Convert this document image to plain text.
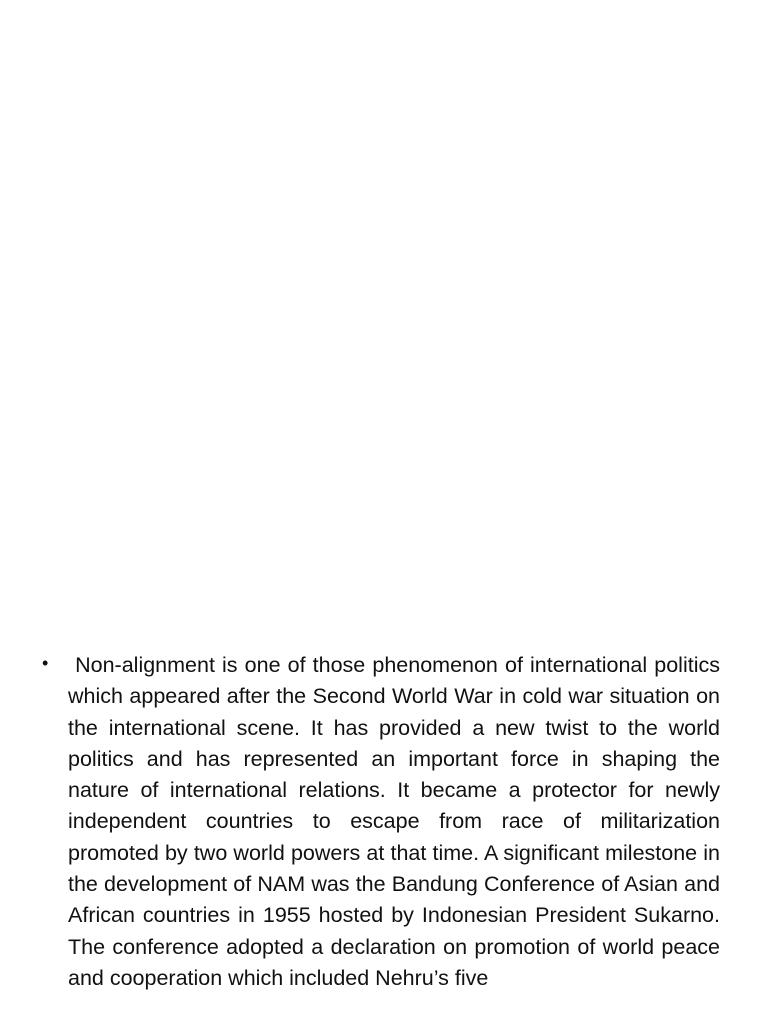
• Non-alignment is one of those phenomenon of international politics which appeared after the Second World War in cold war situation on the international scene. It has provided a new twist to the world politics and has represented an important force in shaping the nature of international relations. It became a protector for newly independent countries to escape from race of militarization promoted by two world powers at that time. A significant milestone in the development of NAM was the Bandung Conference of Asian and African countries in 1955 hosted by Indonesian President Sukarno. The conference adopted a declaration on promotion of world peace and cooperation which included Nehru’s five
